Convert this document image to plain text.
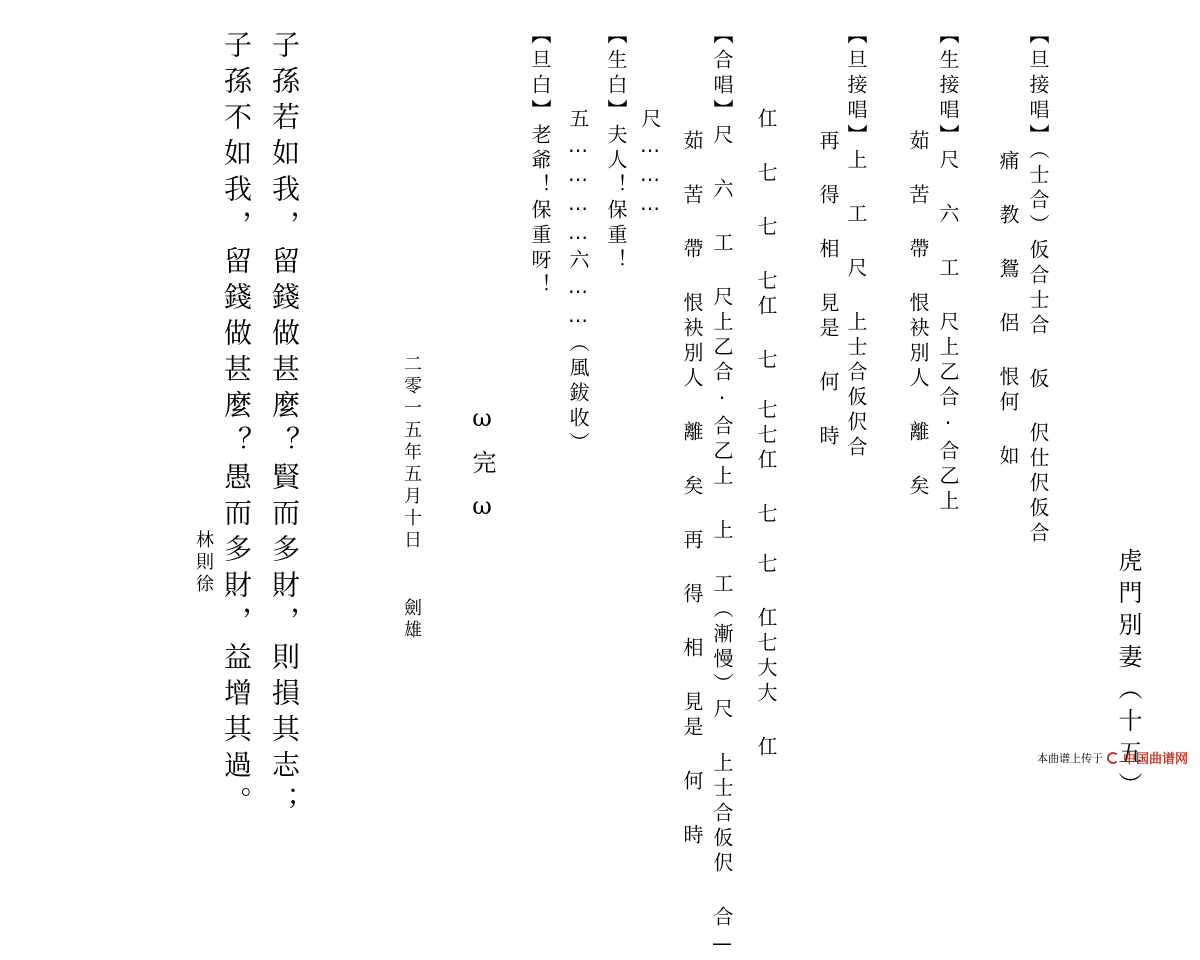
虎門別妻（十五）
【旦接唱】（士合）仮合士合 仮 伬仕伬仮合
痛 教 鴛 侶 恨何 如
【生接唱】尺 六 工 尺上乙合·合乙上
茹 苦 帶 恨袂別人 離 矣
【旦接唱】上 工 尺 上士合仮伬合
再 得 相 見是 何 時
仜 七 七 七仜 七　七七仜 七　七 仜七大大 仜
【合唱】尺 六 工 尺上乙合·合乙上 上 工（漸慢）尺 上士合仮伬 合—
茹 苦 帶 恨袂別人 離 矣 再 得 相 見是 何 時
尺………
【生白】夫人！保重！
五…………六……（風鈸收）
【旦白】老爺！保重呀！
ω完ω
二零一五年五月十日
劍雄
子孫若如我，留錢做甚麼？賢而多財，則損其志；
子孫不如我，留錢做甚麼？愚而多財，益增其過。
林則徐
本曲谱上传于 中国曲谱网
